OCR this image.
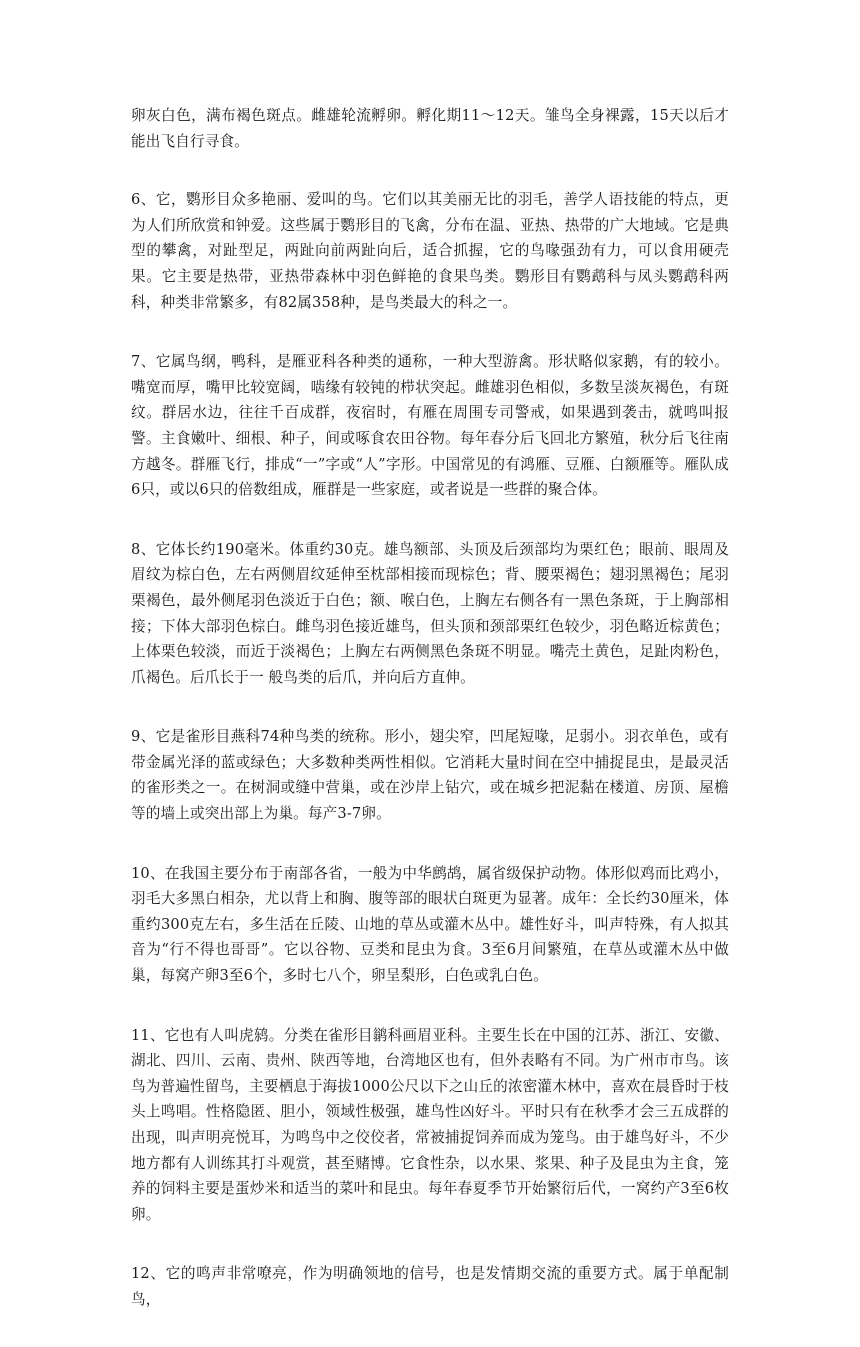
卵灰白色，满布褐色斑点。雌雄轮流孵卵。孵化期11～12天。雏鸟全身裸露，15天以后才能出飞自行寻食。

6、它，鹦形目众多艳丽、爱叫的鸟。它们以其美丽无比的羽毛，善学人语技能的特点，更为人们所欣赏和钟爱。这些属于鹦形目的飞禽，分布在温、亚热、热带的广大地域。它是典型的攀禽，对趾型足，两趾向前两趾向后，适合抓握，它的鸟喙强劲有力，可以食用硬壳果。它主要是热带，亚热带森林中羽色鲜艳的食果鸟类。鹦形目有鹦鹉科与凤头鹦鹉科两科，种类非常繁多，有82属358种，是鸟类最大的科之一。

7、它属鸟纲，鸭科，是雁亚科各种类的通称，一种大型游禽。形状略似家鹅，有的较小。嘴宽而厚，嘴甲比较宽阔，啮缘有较钝的栉状突起。雌雄羽色相似，多数呈淡灰褐色，有斑纹。群居水边，往往千百成群，夜宿时，有雁在周围专司警戒，如果遇到袭击，就鸣叫报警。主食嫩叶、细根、种子，间或啄食农田谷物。每年春分后飞回北方繁殖，秋分后飞往南方越冬。群雁飞行，排成“一”字或“人”字形。中国常见的有鸿雁、豆雁、白额雁等。雁队成6只，或以6只的倍数组成，雁群是一些家庭，或者说是一些群的聚合体。

8、它体长约190毫米。体重约30克。雄鸟额部、头顶及后颈部均为栗红色；眼前、眼周及眉纹为棕白色，左右两侧眉纹延伸至枕部相接而现棕色；背、腰栗褐色；翅羽黑褐色；尾羽栗褐色，最外侧尾羽色淡近于白色；额、喉白色，上胸左右侧各有一黑色条斑，于上胸部相接；下体大部羽色棕白。雌鸟羽色接近雄鸟，但头顶和颈部栗红色较少，羽色略近棕黄色；上体栗色较淡，而近于淡褐色；上胸左右两侧黑色条斑不明显。嘴壳土黄色，足趾肉粉色，爪褐色。后爪长于一 般鸟类的后爪，并向后方直伸。

9、它是雀形目燕科74种鸟类的统称。形小，翅尖窄，凹尾短喙，足弱小。羽衣单色，或有带金属光泽的蓝或绿色；大多数种类两性相似。它消耗大量时间在空中捕捉昆虫，是最灵活的雀形类之一。在树洞或缝中营巢，或在沙岸上钻穴，或在城乡把泥黏在楼道、房顶、屋檐等的墙上或突出部上为巢。每产3-7卵。

10、在我国主要分布于南部各省，一般为中华鹧鸪，属省级保护动物。体形似鸡而比鸡小，羽毛大多黑白相杂，尤以背上和胸、腹等部的眼状白斑更为显著。成年：全长约30厘米，体重约300克左右，多生活在丘陵、山地的草丛或灌木丛中。雄性好斗，叫声特殊，有人拟其音为“行不得也哥哥”。它以谷物、豆类和昆虫为食。3至6月间繁殖，在草丛或灌木丛中做巢，每窝产卵3至6个，多时七八个，卵呈梨形，白色或乳白色。

11、它也有人叫虎鸫。分类在雀形目鹟科画眉亚科。主要生长在中国的江苏、浙江、安徽、湖北、四川、云南、贵州、陕西等地，台湾地区也有，但外表略有不同。为广州市市鸟。该鸟为普遍性留鸟，主要栖息于海拔1000公尺以下之山丘的浓密灌木林中，喜欢在晨昏时于枝头上鸣唱。性格隐匿、胆小，领域性极强，雄鸟性凶好斗。平时只有在秋季才会三五成群的出现，叫声明亮悦耳，为鸣鸟中之佼佼者，常被捕捉饲养而成为笼鸟。由于雄鸟好斗，不少地方都有人训练其打斗观赏，甚至赌博。它食性杂，以水果、浆果、种子及昆虫为主食，笼养的饲料主要是蛋炒米和适当的菜叶和昆虫。每年春夏季节开始繁衍后代，一窝约产3至6枚卵。

12、它的鸣声非常嘹亮，作为明确领地的信号，也是发情期交流的重要方式。属于单配制鸟，
